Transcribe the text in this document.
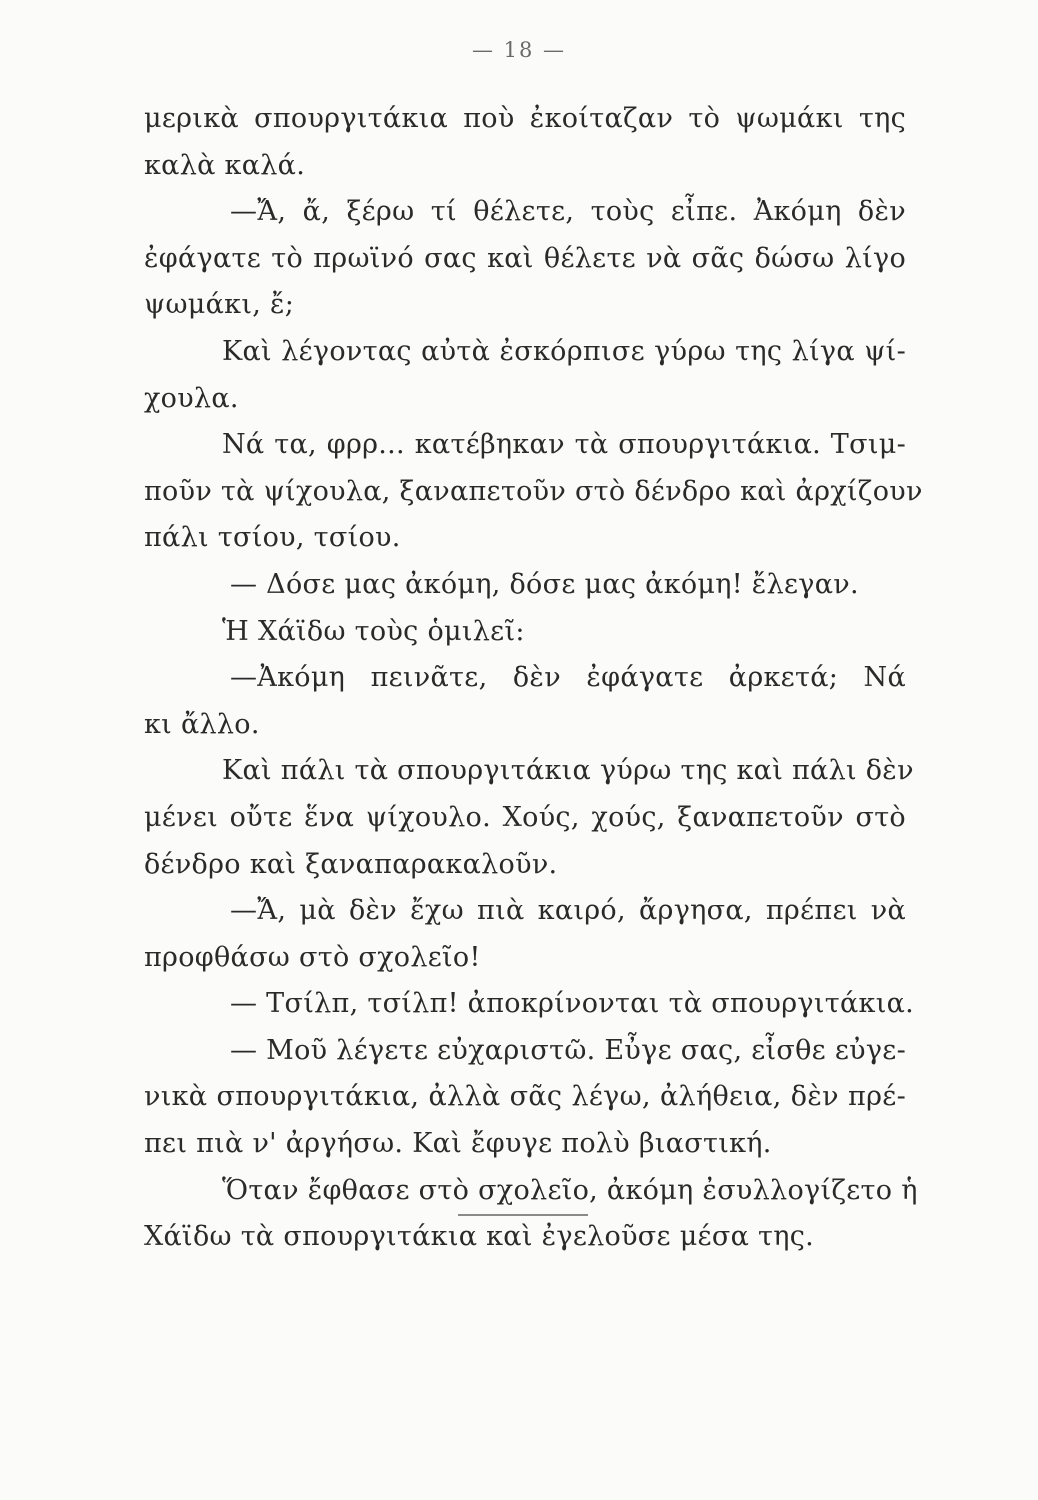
— 18 —
μερικὰ σπουργιτάκια ποὺ ἐκοίταζαν τὸ ψωμάκι της
καλὰ καλά.
—Ἄ, ἄ, ξέρω τί θέλετε, τοὺς εἶπε. Ἀκόμη δὲν
ἐφάγατε τὸ πρωϊνό σας καὶ θέλετε νὰ σᾶς δώσω λίγο
ψωμάκι, ἔ;
Καὶ λέγοντας αὐτὰ ἐσκόρπισε γύρω της λίγα ψί-
χουλα.
Νά τα, φρρ... κατέβηκαν τὰ σπουργιτάκια. Τσιμ-
ποῦν τὰ ψίχουλα, ξαναπετοῦν στὸ δένδρο καὶ ἀρχίζουν
πάλι τσίου, τσίου.
— Δόσε μας ἀκόμη, δόσε μας ἀκόμη! ἔλεγαν.
Ἡ Χάϊδω τοὺς ὁμιλεῖ:
—Ἀκόμη πεινᾶτε, δὲν ἐφάγατε ἀρκετά; Νά
κι ἄλλο.
Καὶ πάλι τὰ σπουργιτάκια γύρω της καὶ πάλι δὲν
μένει οὔτε ἕνα ψίχουλο. Χούς, χούς, ξαναπετοῦν στὸ
δένδρο καὶ ξαναπαρακαλοῦν.
—Ἄ, μὰ δὲν ἔχω πιὰ καιρό, ἄργησα, πρέπει νὰ
προφθάσω στὸ σχολεῖο!
— Τσίλπ, τσίλπ! ἀποκρίνονται τὰ σπουργιτάκια.
— Μοῦ λέγετε εὐχαριστῶ. Εὖγε σας, εἶσθε εὐγε-
νικὰ σπουργιτάκια, ἀλλὰ σᾶς λέγω, ἀλήθεια, δὲν πρέ-
πει πιὰ ν' ἀργήσω. Καὶ ἔφυγε πολὺ βιαστική.
Ὅταν ἔφθασε στὸ σχολεῖο, ἀκόμη ἐσυλλογίζετο ἡ
Χάϊδω τὰ σπουργιτάκια καὶ ἐγελοῦσε μέσα της.
